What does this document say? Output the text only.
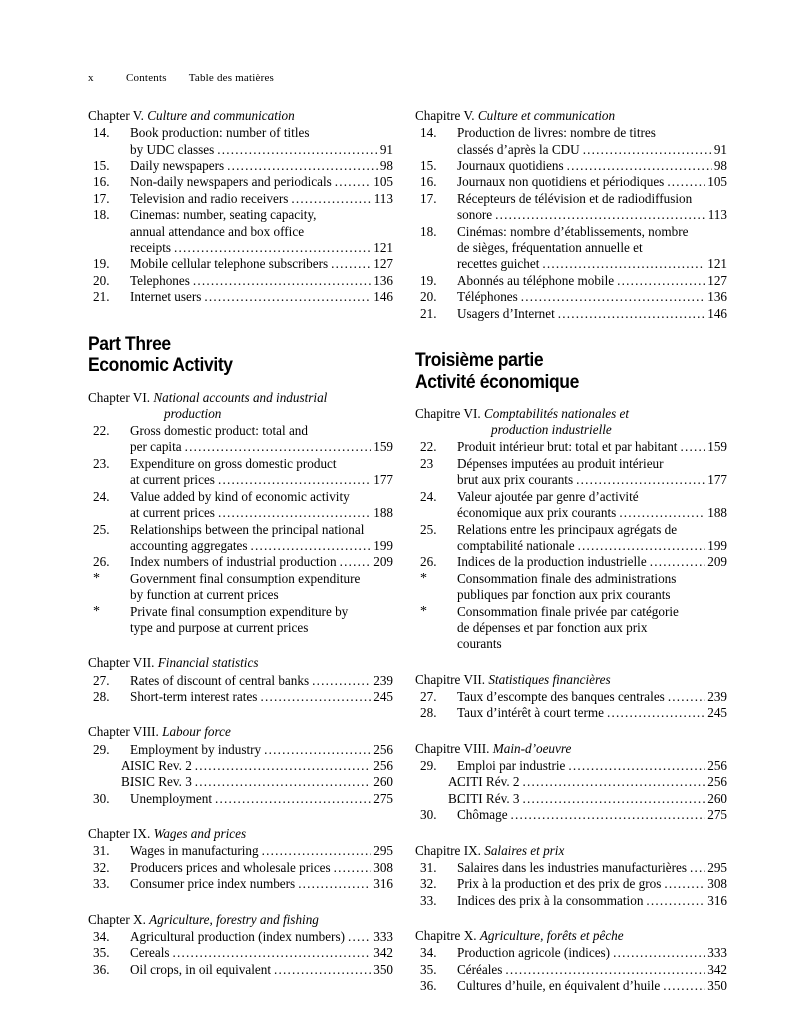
x	Contents Table des matières
Chapter V. Culture and communication
14.	Book production: number of titles
by UDC classes .....	91
15.	Daily newspapers .....	98
16.	Non-daily newspapers and periodicals .....	105
17.	Television and radio receivers .....	113
18.	Cinemas: number, seating capacity,
annual attendance and box office
receipts .....	121
19.	Mobile cellular telephone subscribers .....	127
20.	Telephones .....	136
21.	Internet users .....	146
Part Three
Economic Activity
Chapter VI. National accounts and industrial
production
22.	Gross domestic product: total and
per capita .....	159
23.	Expenditure on gross domestic product
at current prices .....	177
24.	Value added by kind of economic activity
at current prices .....	188
25.	Relationships between the principal national
accounting aggregates .....	199
26.	Index numbers of industrial production .....	209
*	Government final consumption expenditure
by function at current prices
*	Private final consumption expenditure by
type and purpose at current prices
Chapter VII. Financial statistics
27.	Rates of discount of central banks .....	239
28.	Short-term interest rates .....	245
Chapter VIII. Labour force
29.	Employment by industry .....	256
A.
ISIC Rev. 2 .....	256
B.
ISIC Rev. 3 .....	260
30.	Unemployment .....	275
Chapter IX. Wages and prices
31.	Wages in manufacturing .....	295
32.	Producers prices and wholesale prices .....	308
33.	Consumer price index numbers .....	316
Chapter X. Agriculture, forestry and fishing
34.	Agricultural production (index numbers) ..... 333
35.	Cereals .....	342
36.	Oil crops, in oil equivalent .....	350
Chapitre V. Culture et communication
14.	Production de livres: nombre de titres
classés d’après la CDU .....	91
15.	Journaux quotidiens .....	98
16.	Journaux non quotidiens et périodiques .....	105
17.	Récepteurs de télévision et de radiodiffusion
sonore .....	113
18.	Cinémas: nombre d’établissements, nombre
de sièges, fréquentation annuelle et
recettes guichet .....	121
19.	Abonnés au téléphone mobile .....	127
20.	Téléphones .....	136
21.	Usagers d’Internet .....	146
Troisième partie
Activité économique
Chapitre VI. Comptabilités nationales et
production industrielle
22.	Produit intérieur brut: total et par habitant ..... 159
23	Dépenses imputées au produit intérieur
brut aux prix courants .....	177
24.	Valeur ajoutée par genre d’activité
économique aux prix courants .....	188
25.	Relations entre les principaux agrégats de
comptabilité nationale .....	199
26.	Indices de la production industrielle .....	209
*	Consommation finale des administrations
publiques par fonction aux prix courants
*	Consommation finale privée par catégorie
de dépenses et par fonction aux prix
courants
Chapitre VII. Statistiques financières
27.	Taux d’escompte des banques centrales .....	239
28.	Taux d’intérêt à court terme .....	245
Chapitre VIII. Main-d’oeuvre
29.	Emploi par industrie .....	256
A.
CITI Rév. 2 .....	256
B.
CITI Rév. 3 .....	260
30.	Chômage .....	275
Chapitre IX. Salaires et prix
31.	Salaires dans les industries manufacturières ..... 295
32.	Prix à la production et des prix de gros .....	308
33.	Indices des prix à la consommation .....	316
Chapitre X. Agriculture, forêts et pêche
34.	Production agricole (indices) .....	333
35.	Céréales .....	342
36.	Cultures d’huile, en équivalent d’huile .....	350
